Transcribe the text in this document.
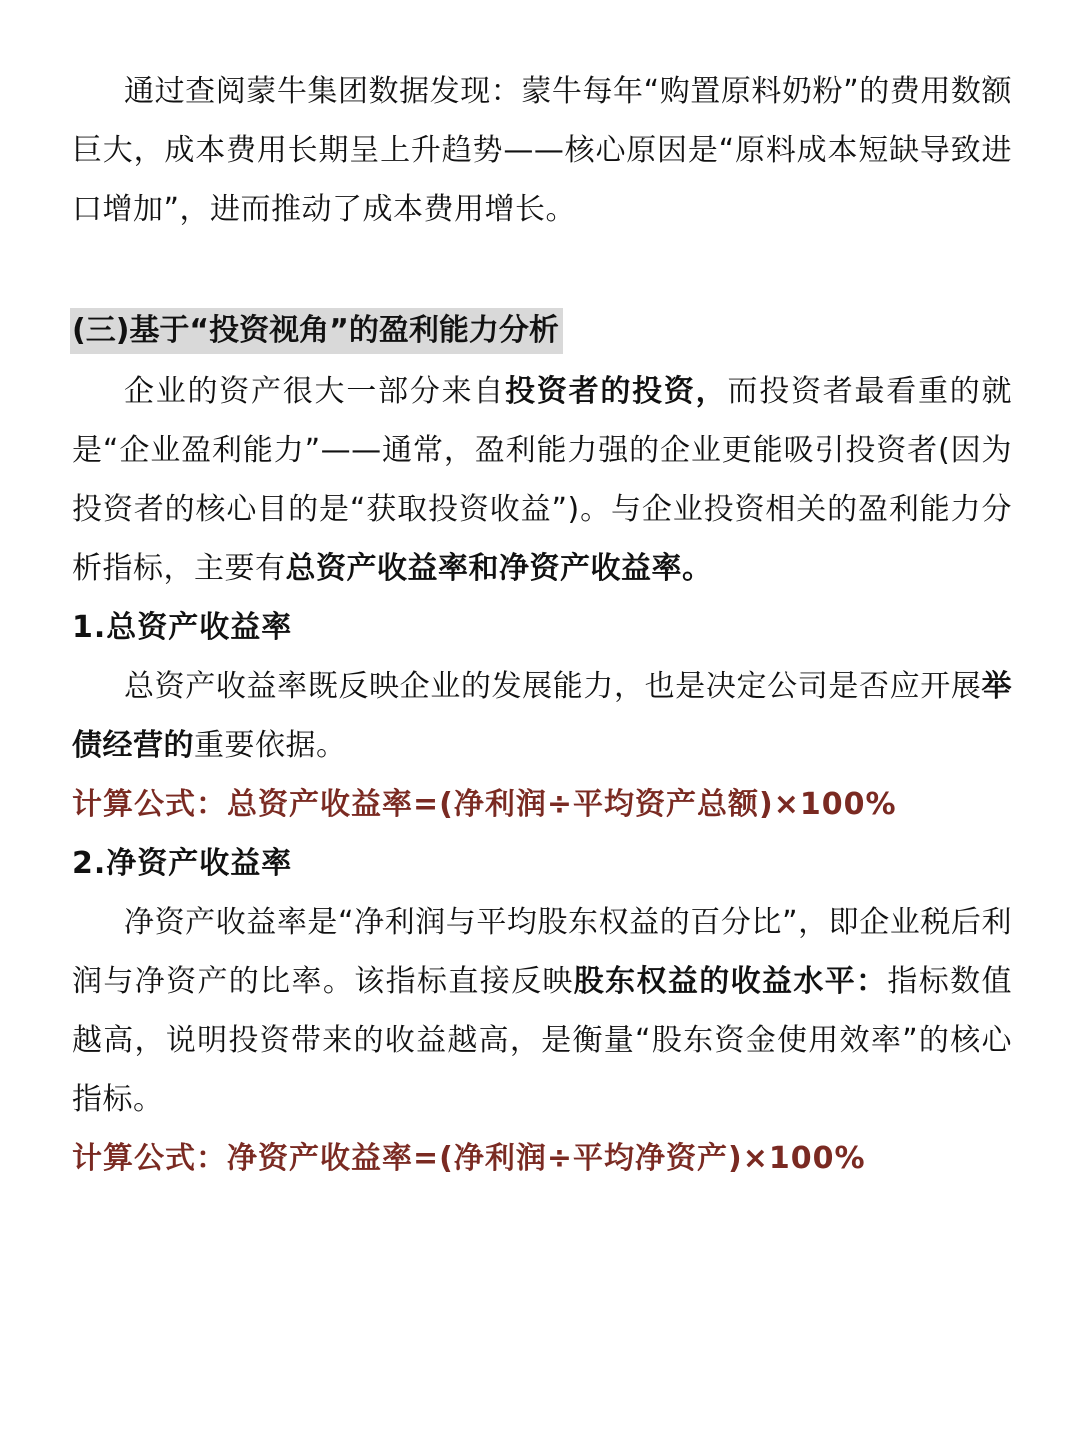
通过查阅蒙牛集团数据发现：蒙牛每年“购置原料奶粉”的费用数额巨大，成本费用长期呈上升趋势——核心原因是“原料成本短缺导致进口增加”，进而推动了成本费用增长。

(三)基于“投资视角”的盈利能力分析

企业的资产很大一部分来自投资者的投资，而投资者最看重的就是“企业盈利能力”——通常，盈利能力强的企业更能吸引投资者(因为投资者的核心目的是“获取投资收益”)。与企业投资相关的盈利能力分析指标，主要有总资产收益率和净资产收益率。

1.总资产收益率

总资产收益率既反映企业的发展能力，也是决定公司是否应开展举债经营的重要依据。

计算公式：总资产收益率=(净利润÷平均资产总额)×100%

2.净资产收益率

净资产收益率是“净利润与平均股东权益的百分比”，即企业税后利润与净资产的比率。该指标直接反映股东权益的收益水平：指标数值越高，说明投资带来的收益越高，是衡量“股东资金使用效率”的核心指标。

计算公式：净资产收益率=(净利润÷平均净资产)×100%
